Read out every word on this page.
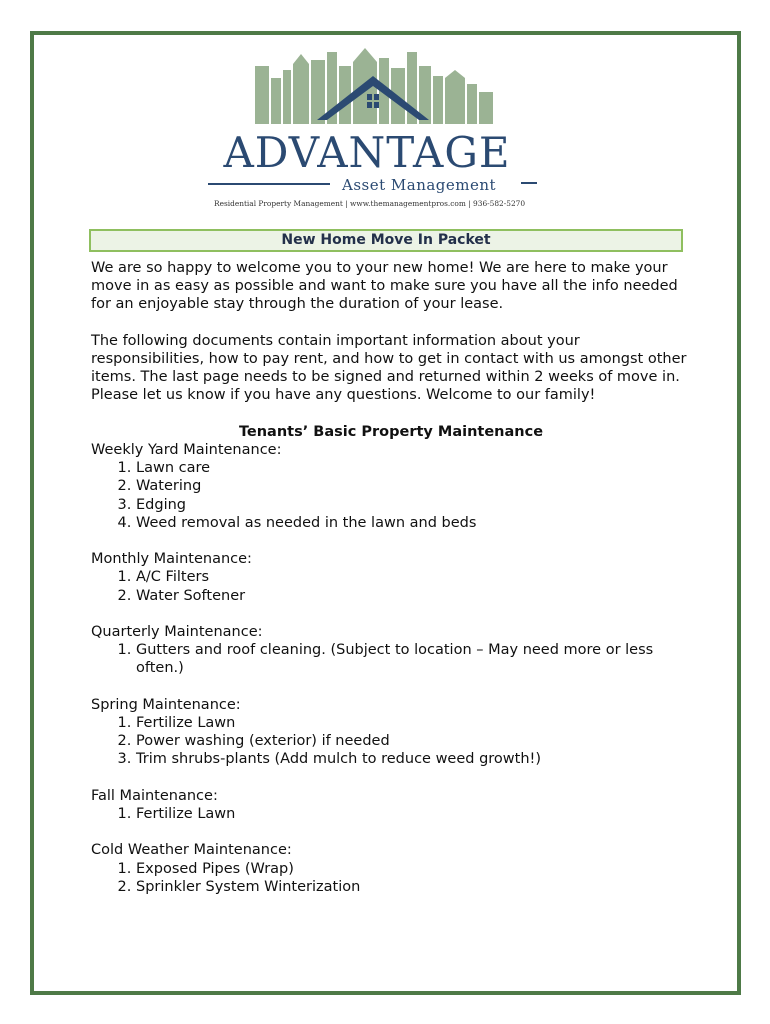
ADVANTAGE
Asset Management
Residential Property Management | www.themanagementpros.com | 936-582-5270
New Home Move In Packet

We are so happy to welcome you to your new home! We are here to make your move in as easy as possible and want to make sure you have all the info needed for an enjoyable stay through the duration of your lease.

The following documents contain important information about your responsibilities, how to pay rent, and how to get in contact with us amongst other items. The last page needs to be signed and returned within 2 weeks of move in. Please let us know if you have any questions. Welcome to our family!

Tenants’ Basic Property Maintenance

Weekly Yard Maintenance:

1. Lawn care
2. Watering
3. Edging
4. Weed removal as needed in the lawn and beds

Monthly Maintenance:

1. A/C Filters
2. Water Softener

Quarterly Maintenance:

1. Gutters and roof cleaning. (Subject to location – May need more or less often.)

Spring Maintenance:

1. Fertilize Lawn
2. Power washing (exterior) if needed
3. Trim shrubs-plants (Add mulch to reduce weed growth!)

Fall Maintenance:

1. Fertilize Lawn

Cold Weather Maintenance:

1. Exposed Pipes (Wrap)
2. Sprinkler System Winterization
